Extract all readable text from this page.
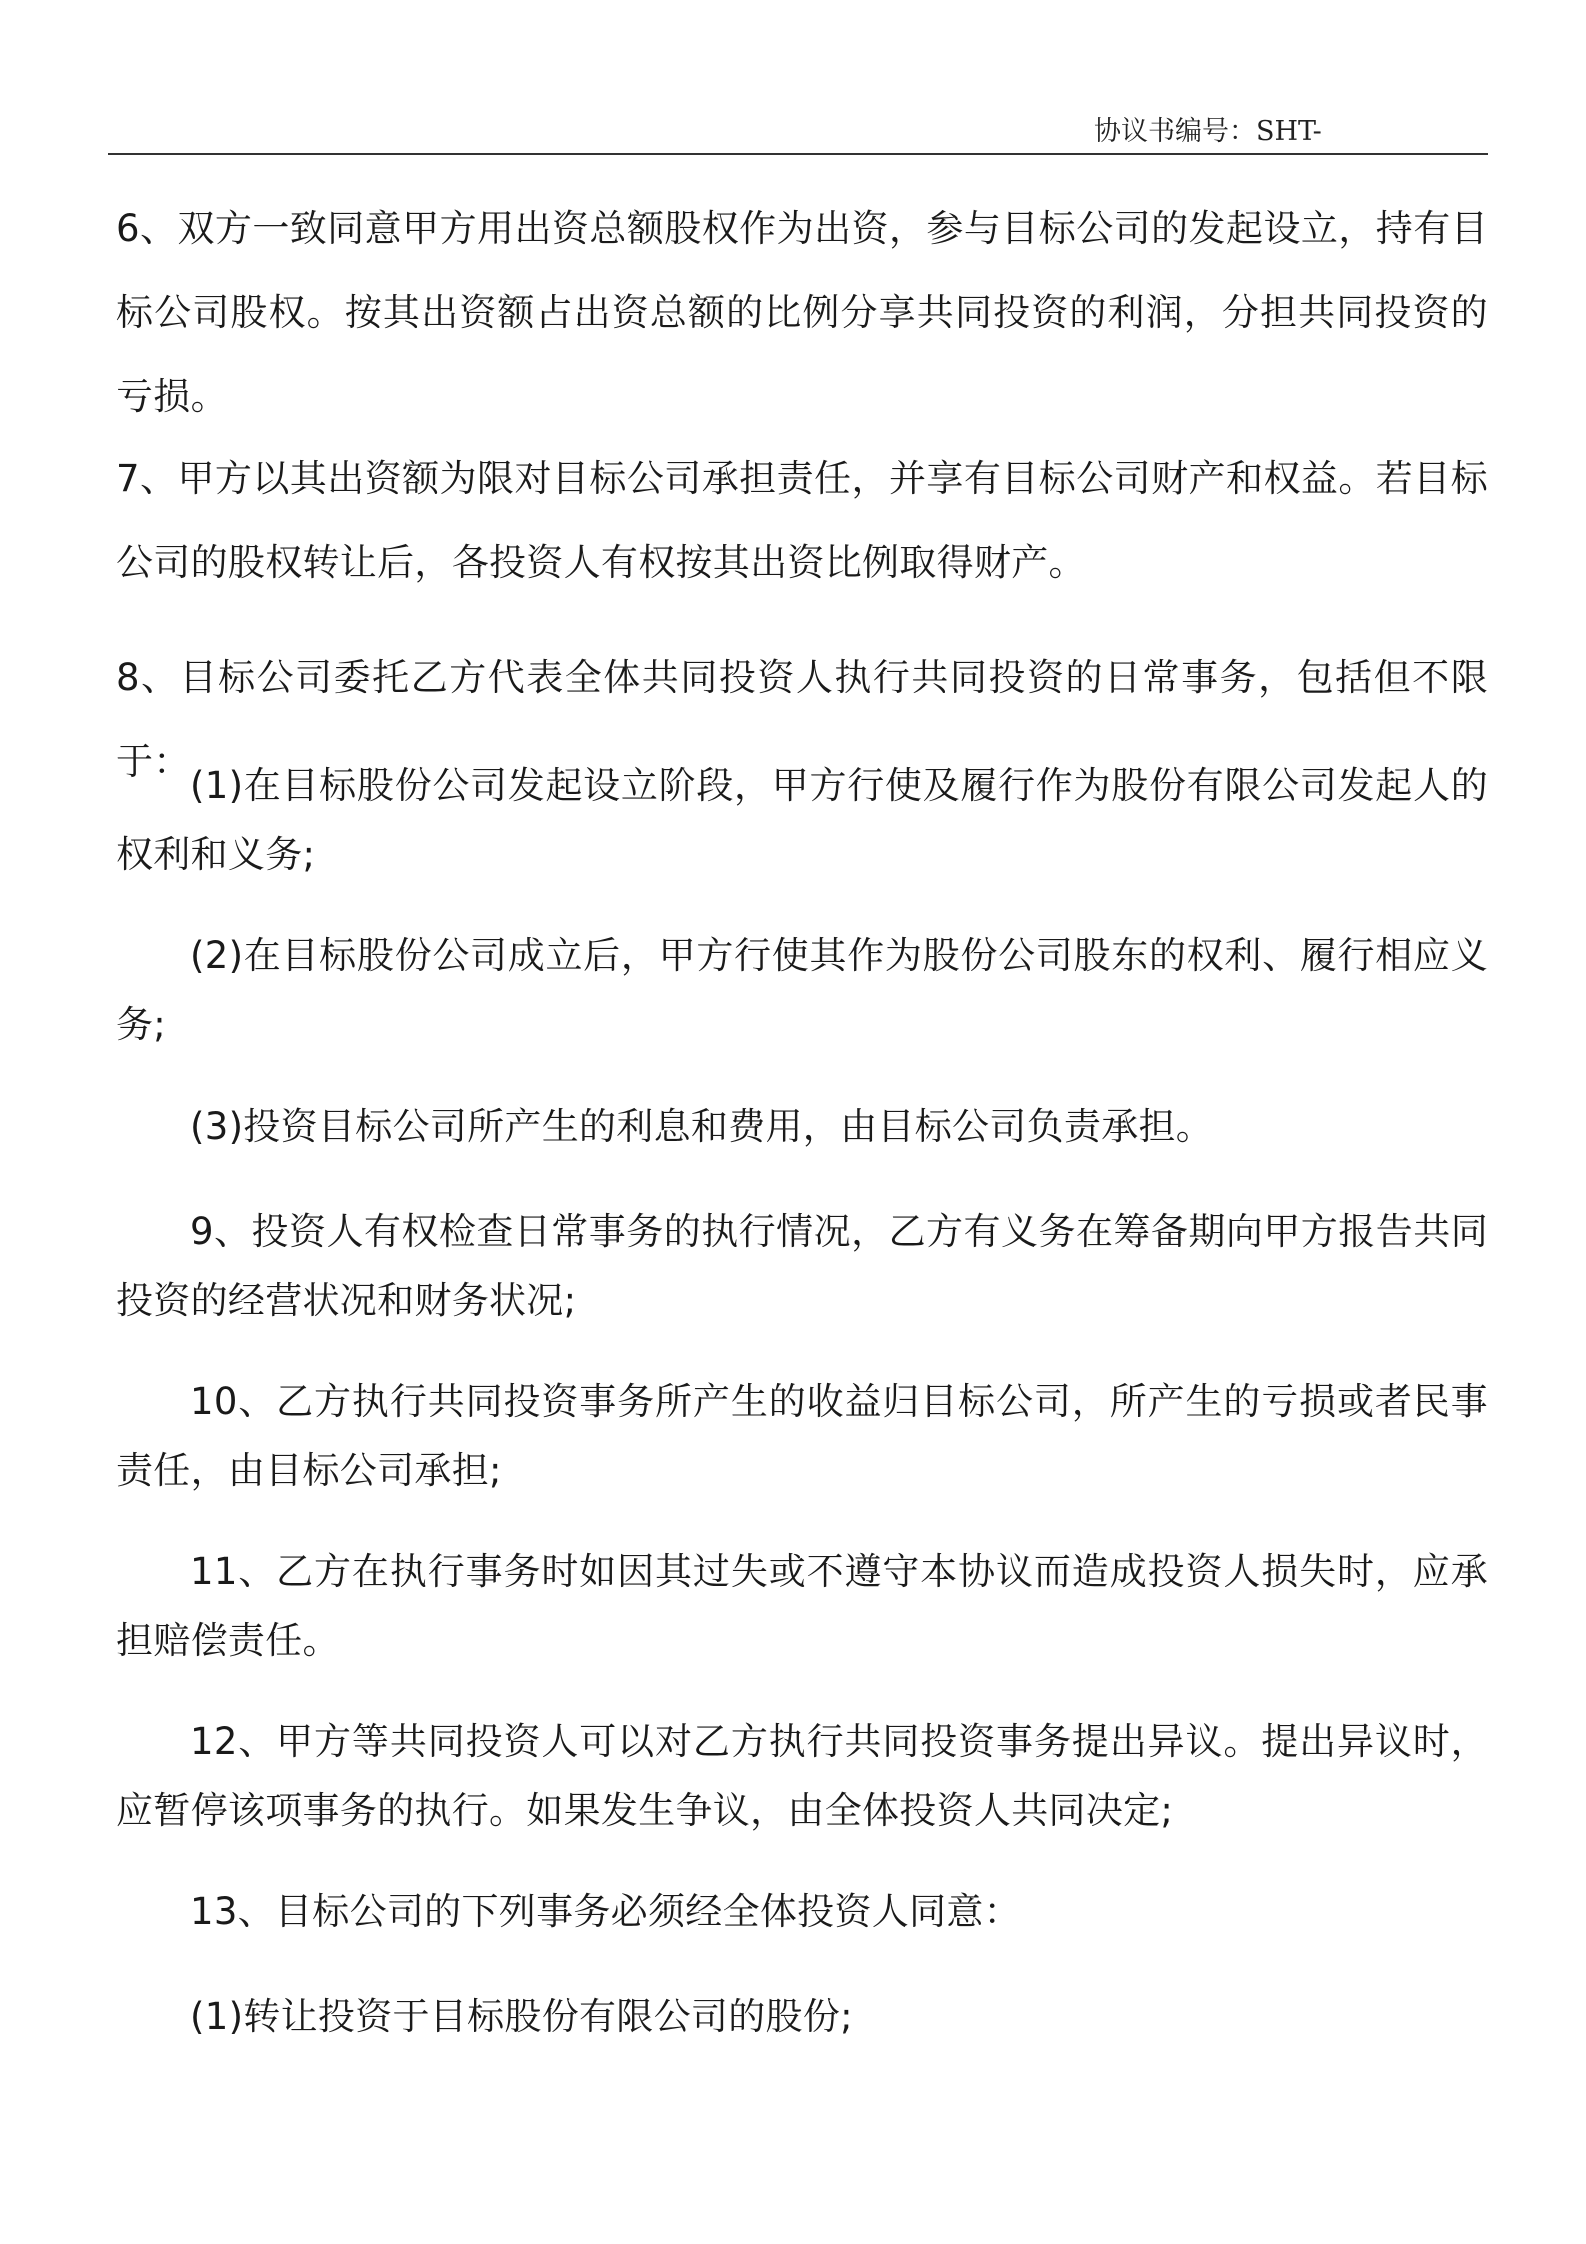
协议书编号：SHT-

6、双方一致同意甲方用出资总额股权作为出资，参与目标公司的发起设立，持有目标公司股权。按其出资额占出资总额的比例分享共同投资的利润，分担共同投资的亏损。

7、甲方以其出资额为限对目标公司承担责任，并享有目标公司财产和权益。若目标公司的股权转让后，各投资人有权按其出资比例取得财产。

8、目标公司委托乙方代表全体共同投资人执行共同投资的日常事务，包括但不限于：

(1)在目标股份公司发起设立阶段，甲方行使及履行作为股份有限公司发起人的权利和义务;

(2)在目标股份公司成立后，甲方行使其作为股份公司股东的权利、履行相应义务;

(3)投资目标公司所产生的利息和费用，由目标公司负责承担。

9、投资人有权检查日常事务的执行情况，乙方有义务在筹备期向甲方报告共同投资的经营状况和财务状况;

10、乙方执行共同投资事务所产生的收益归目标公司，所产生的亏损或者民事责任，由目标公司承担;

11、乙方在执行事务时如因其过失或不遵守本协议而造成投资人损失时，应承担赔偿责任。

12、甲方等共同投资人可以对乙方执行共同投资事务提出异议。提出异议时，应暂停该项事务的执行。如果发生争议，由全体投资人共同决定;

13、目标公司的下列事务必须经全体投资人同意：

(1)转让投资于目标股份有限公司的股份;
